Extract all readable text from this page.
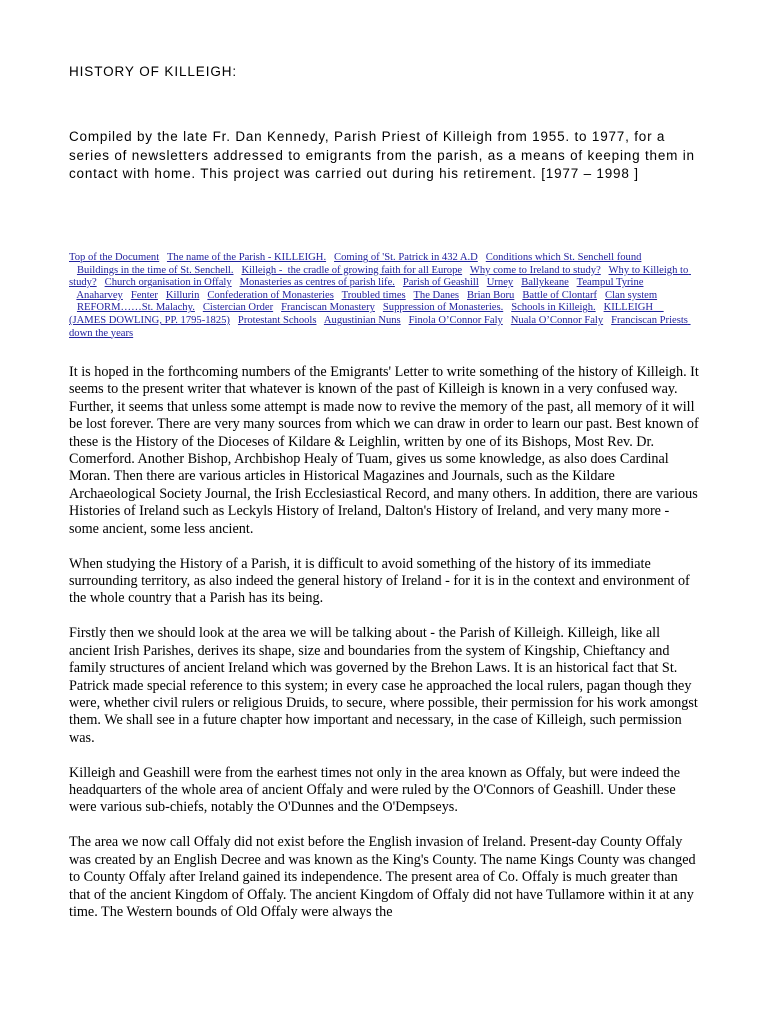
HISTORY OF KILLEIGH:

Compiled by the late Fr. Dan Kennedy, Parish Priest of Killeigh from 1955. to 1977, for a series of newsletters addressed to emigrants from the parish, as a means of keeping them in contact with home. This project was carried out during his retirement. [1977 – 1998 ]

Top of the Document The name of the Parish - KILLEIGH. Coming of 'St. Patrick in 432 A.D Conditions which St. Senchell found   Buildings in the time of St. Senchell. Killeigh -  the cradle of growing faith for all Europe Why come to Ireland to study? Why to Killeigh to study? Church organisation in Offaly Monasteries as centres of parish life. Parish of Geashill Urney Ballykeane Teampul Tyrine   Anaharvey Fenter Killurin Confederation of Monasteries Troubled times The Danes Brian Boru Battle of Clontarf Clan system   REFORM……St. Malachy. Cistercian Order Franciscan Monastery Suppression of Monasteries. Schools in Killeigh. KILLEIGH    (JAMES DOWLING, PP. 1795-1825) Protestant Schools Augustinian Nuns Finola O’Connor Faly Nuala O’Connor Faly Franciscan Priests down the years

It is hoped in the forthcoming numbers of the Emigrants' Letter to write something of the history of Killeigh. It seems to the present writer that whatever is known of the past of Killeigh is known in a very confused way. Further, it seems that unless some attempt is made now to revive the memory of the past, all memory of it will be lost forever. There are very many sources from which we can draw in order to learn our past. Best known of these is the History of the Dioceses of Kildare & Leighlin, written by one of its Bishops, Most Rev. Dr. Comerford. Another Bishop, Archbishop Healy of Tuam, gives us some knowledge, as also does Cardinal Moran. Then there are various articles in Historical Magazines and Journals, such as the Kildare Archaeological Society Journal, the Irish Ecclesiastical Record, and many others. In addition, there are various Histories of Ireland such as Leckyls History of Ireland, Dalton's History of Ireland, and very many more - some ancient, some less ancient.

When studying the History of a Parish, it is difficult to avoid something of the history of its immediate surrounding territory, as also indeed the general history of Ireland - for it is in the context and environment of the whole country that a Parish has its being.

Firstly then we should look at the area we will be talking about - the Parish of Killeigh. Killeigh, like all ancient Irish Parishes, derives its shape, size and boundaries from the system of Kingship, Chieftancy and family structures of ancient Ireland which was governed by the Brehon Laws. It is an historical fact that St. Patrick made special reference to this system; in every case he approached the local rulers, pagan though they were, whether civil rulers or religious Druids, to secure, where possible, their permission for his work amongst them. We shall see in a future chapter how important and necessary, in the case of Killeigh, such permission was.

Killeigh and Geashill were from the earhest times not only in the area known as Offaly, but were indeed the headquarters of the whole area of ancient Offaly and were ruled by the O'Connors of Geashill. Under these were various sub-chiefs, notably the O'Dunnes and the O'Dempseys.

The area we now call Offaly did not exist before the English invasion of Ireland. Present-day County Offaly was created by an English Decree and was known as the King's County. The name Kings County was changed to County Offaly after Ireland gained its independence. The present area of Co. Offaly is much greater than that of the ancient Kingdom of Offaly. The ancient Kingdom of Offaly did not have Tullamore within it at any time. The Western bounds of Old Offaly were always the
